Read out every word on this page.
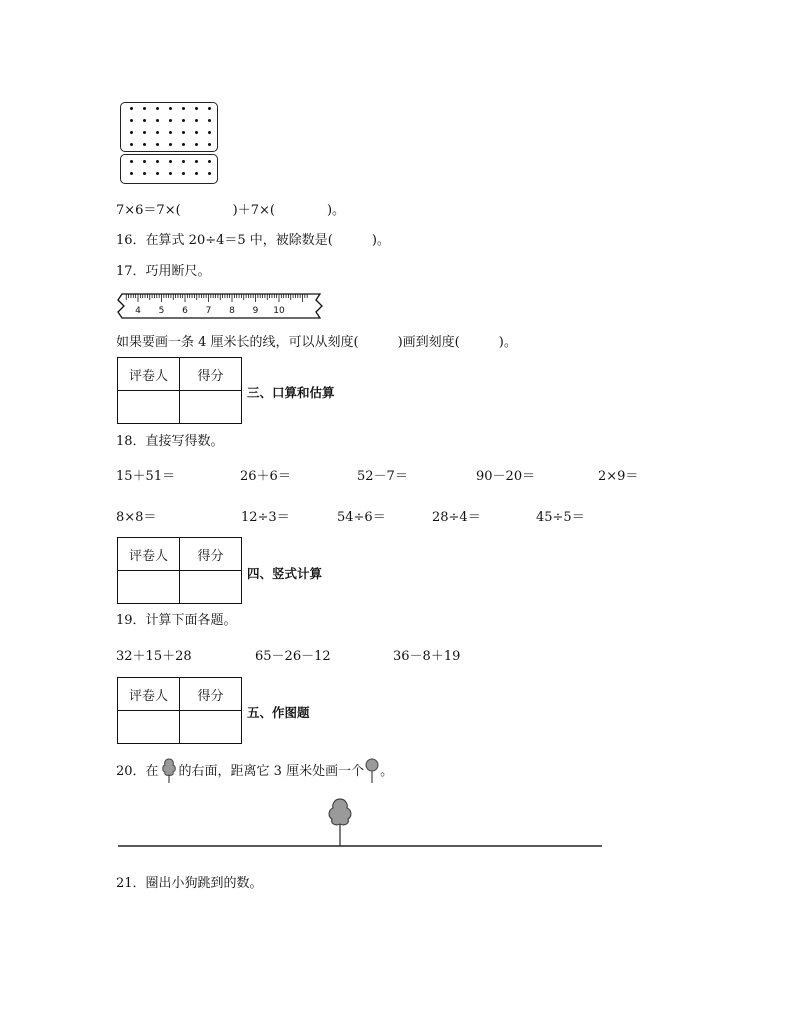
7×6＝7×(　　　　)＋7×(　　　　)。
16．在算式 20÷4＝5 中，被除数是(　　　)。
17．巧用断尺。
4 5 6 7 8 9 10
如果要画一条 4 厘米长的线，可以从刻度(　　　)画到刻度(　　　)。
评卷人	得分

三、口算和估算
18．直接写得数。
15＋51＝	26＋6＝	52－7＝	90－20＝	2×9＝
8×8＝	12÷3＝	54÷6＝	28÷4＝	45÷5＝
评卷人	得分

四、竖式计算
19．计算下面各题。
32＋15＋28	65－26－12	36－8＋19
评卷人	得分

五、作图题
20．在 的右面，距离它 3 厘米处画一个 。
21．圈出小狗跳到的数。
